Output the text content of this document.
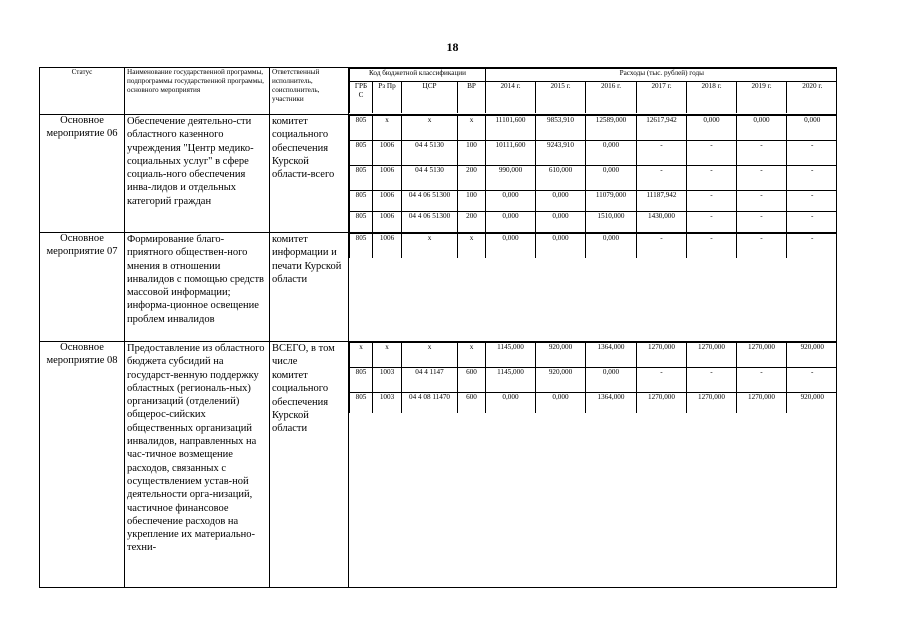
18
Статус	Наименование государственной программы, подпрограммы государственной программы, основного мероприятия	Ответственный исполнитель, соисполнитель, участники	
Код бюджетной классификации	Расходы (тыс. рублей) годы
ГРБ С	Рз Пр	ЦСР	ВР	2014 г.	2015 г.	2016 г.	2017 г.	2018 г.	2019 г.	2020 г.

Основное мероприятие 06	Обеспечение деятельно-сти областного казенного учреждения "Центр медико-социальных услуг" в сфере социаль-ного обеспечения инва-лидов и отдельных категорий граждан	комитет социального обеспечения Курской области-всего	
805	х	х	х	11101,600	9853,910	12589,000	12617,942	0,000	0,000	0,000
805	1006	04 4 5130	100	10111,600	9243,910	0,000	-	-	-	-
805	1006	04 4 5130	200	990,000	610,000	0,000	-	-	-	-
805	1006	04 4 06 51300	100	0,000	0,000	11079,000	11187,942	-	-	-
805	1006	04 4 06 51300	200	0,000	0,000	1510,000	1430,000	-	-	-

Основное мероприятие 07	Формирование благо-приятного обществен-ного мнения в отношении инвалидов с помощью средств массовой информации; информа-ционное освещение проблем инвалидов	комитет информации и печати Курской области	
805	1006	х	х	0,000	0,000	0,000	-	-	-	-

Основное мероприятие 08	Предоставление из областного бюджета субсидий на государст-венную поддержку областных (региональ-ных) организаций (отделений) общерос-сийских общественных организаций инвалидов, направленных на час-тичное возмещение расходов, связанных с осуществлением устав-ной деятельности орга-низаций, частичное финансовое обеспечение расходов на укрепление их материально-техни-	
ВСЕГО, в том числе
комитет социального обеспечения Курской области

х	х	х	х	1145,000	920,000	1364,000	1270,000	1270,000	1270,000	920,000
805	1003	04 4 1147	600	1145,000	920,000	0,000	-	-	-	-
805	1003	04 4 08 11470	600	0,000	0,000	1364,000	1270,000	1270,000	1270,000	920,000
